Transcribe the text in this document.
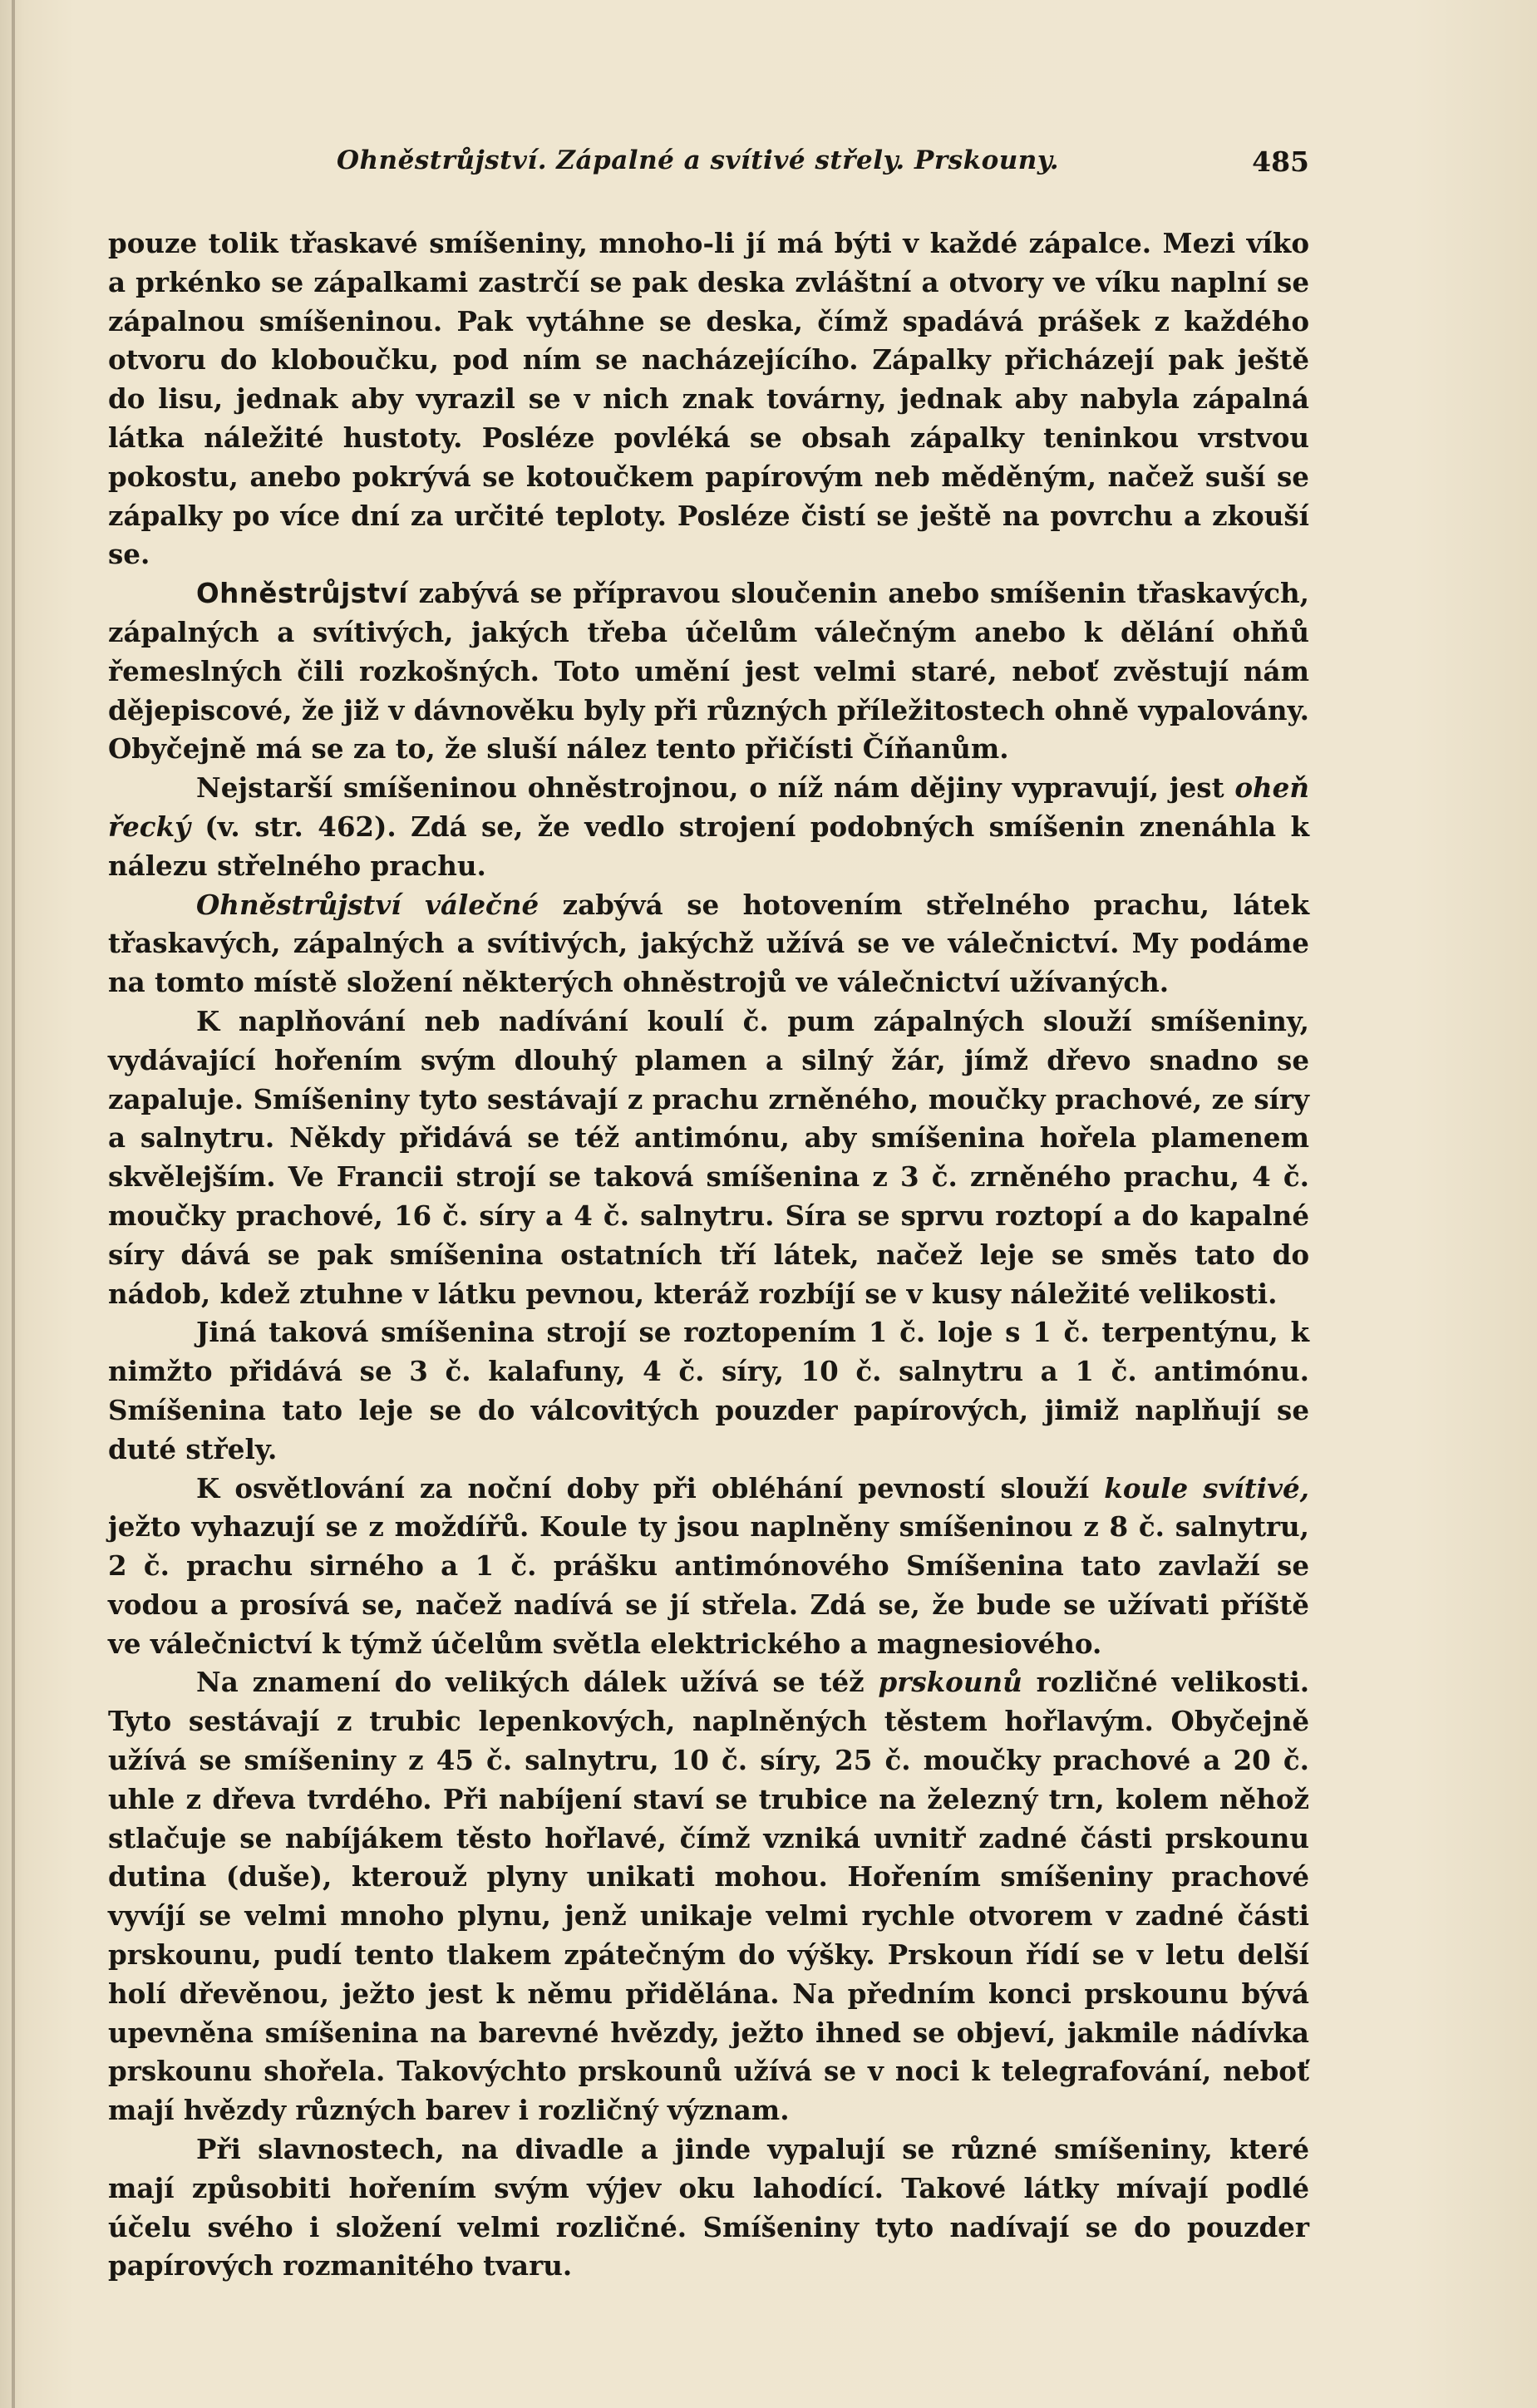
Ohněstrůjství. Zápalné a svítivé střely. Prskouny.	485

pouze tolik třaskavé smíšeniny, mnoho-li jí má býti v každé zápalce. Mezi víko a prkénko se zápalkami zastrčí se pak deska zvláštní a otvory ve víku naplní se zápalnou smíšeninou. Pak vytáhne se deska, čímž spadává prášek z každého otvoru do kloboučku, pod ním se nacházejícího. Zápalky přicházejí pak ještě do lisu, jednak aby vyrazil se v nich znak továrny, jednak aby nabyla zápalná látka náležité hustoty. Posléze povléká se obsah zápalky teninkou vrstvou pokostu, anebo pokrývá se kotoučkem papírovým neb měděným, načež suší se zápalky po více dní za určité teploty. Posléze čistí se ještě na povrchu a zkouší se.

Ohněstrůjství zabývá se přípravou sloučenin anebo smíšenin třaskavých, zápalných a svítivých, jakých třeba účelům válečným anebo k dělání ohňů řemeslných čili rozkošných. Toto umění jest velmi staré, neboť zvěstují nám dějepiscové, že již v dávnověku byly při různých příležitostech ohně vypalovány. Obyčejně má se za to, že sluší nález tento přičísti Číňanům.

Nejstarší smíšeninou ohněstrojnou, o níž nám dějiny vypravují, jest oheň řecký (v. str. 462). Zdá se, že vedlo strojení podobných smíšenin znenáhla k nálezu střelného prachu.

Ohněstrůjství válečné zabývá se hotovením střelného prachu, látek třaskavých, zápalných a svítivých, jakýchž užívá se ve válečnictví. My podáme na tomto místě složení některých ohněstrojů ve válečnictví užívaných.

K naplňování neb nadívání koulí č. pum zápalných slouží smíšeniny, vydávající hořením svým dlouhý plamen a silný žár, jímž dřevo snadno se zapaluje. Smíšeniny tyto sestávají z prachu zrněného, moučky prachové, ze síry a salnytru. Někdy přidává se též antimónu, aby smíšenina hořela plamenem skvělejším. Ve Francii strojí se taková smíšenina z 3 č. zrněného prachu, 4 č. moučky prachové, 16 č. síry a 4 č. salnytru. Síra se sprvu roztopí a do kapalné síry dává se pak smíšenina ostatních tří látek, načež leje se směs tato do nádob, kdež ztuhne v látku pevnou, kteráž rozbíjí se v kusy náležité velikosti.

Jiná taková smíšenina strojí se roztopením 1 č. loje s 1 č. terpentýnu, k nimžto přidává se 3 č. kalafuny, 4 č. síry, 10 č. salnytru a 1 č. antimónu. Smíšenina tato leje se do válcovitých pouzder papírových, jimiž naplňují se duté střely.

K osvětlování za noční doby při obléhání pevností slouží koule svítivé, ježto vyhazují se z moždířů. Koule ty jsou naplněny smíšeninou z 8 č. salnytru, 2 č. prachu sirného a 1 č. prášku antimónového Smíšenina tato zavlaží se vodou a prosívá se, načež nadívá se jí střela. Zdá se, že bude se užívati příště ve válečnictví k týmž účelům světla elektrického a magnesiového.

Na znamení do velikých dálek užívá se též prskounů rozličné velikosti. Tyto sestávají z trubic lepenkových, naplněných těstem hořlavým. Obyčejně užívá se smíšeniny z 45 č. salnytru, 10 č. síry, 25 č. moučky prachové a 20 č. uhle z dřeva tvrdého. Při nabíjení staví se trubice na železný trn, kolem něhož stlačuje se nabíjákem těsto hořlavé, čímž vzniká uvnitř zadné části prskounu dutina (duše), kterouž plyny unikati mohou. Hořením smíšeniny prachové vyvíjí se velmi mnoho plynu, jenž unikaje velmi rychle otvorem v zadné části prskounu, pudí tento tlakem zpátečným do výšky. Prskoun řídí se v letu delší holí dřevěnou, ježto jest k němu přidělána. Na předním konci prskounu bývá upevněna smíšenina na barevné hvězdy, ježto ihned se objeví, jakmile nádívka prskounu shořela. Takovýchto prskounů užívá se v noci k telegrafování, neboť mají hvězdy různých barev i rozličný význam.

Při slavnostech, na divadle a jinde vypalují se různé smíšeniny, které mají způsobiti hořením svým výjev oku lahodící. Takové látky mívají podlé účelu svého i složení velmi rozličné. Smíšeniny tyto nadívají se do pouzder papírových rozmanitého tvaru.
